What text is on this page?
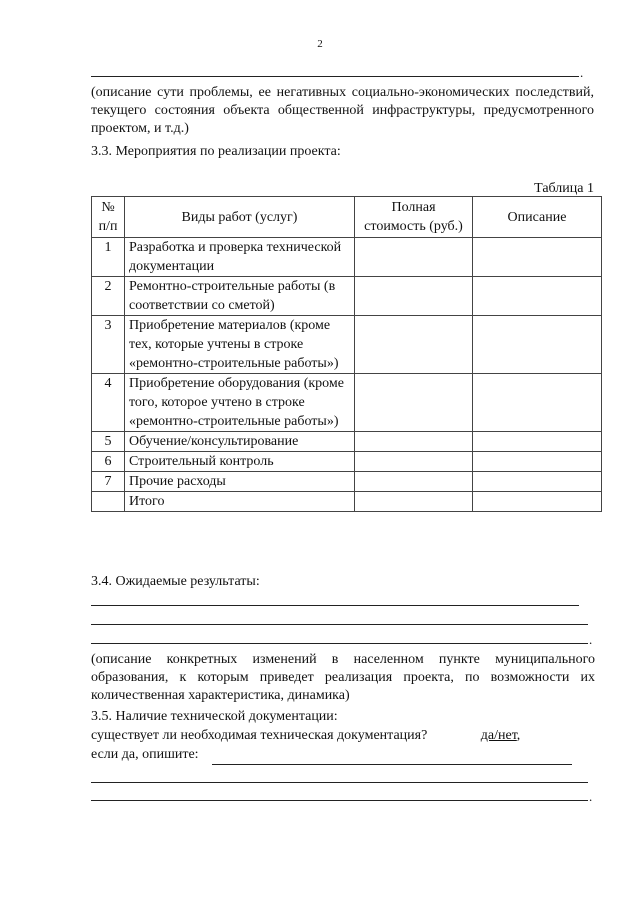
2
.

(описание сути проблемы, ее негативных социально-экономических последствий, текущего состояния объекта общественной инфраструктуры, предусмотренного проектом, и т.д.)

3.3. Мероприятия по реализации проекта:
Таблица 1
№ п/п	Виды работ (услуг)	Полная стоимость (руб.)	Описание
1	Разработка и проверка технической документации		
2	Ремонтно-строительные работы (в соответствии со сметой)		
3	Приобретение материалов (кроме тех, которые учтены в строке «ремонтно-строительные работы»)		
4	Приобретение оборудования (кроме того, которое учтено в строке «ремонтно-строительные работы»)		
5	Обучение/консультирование		
6	Строительный контроль		
7	Прочие расходы		
	Итого		
3.4. Ожидаемые результаты:
.

(описание конкретных изменений в населенном пункте муниципального образования, к которым приведет реализация проекта, по возможности их количественная характеристика, динамика)

3.5. Наличие технической документации:
существует ли необходимая техническая документация?	да/нет,
если да, опишите:
.
